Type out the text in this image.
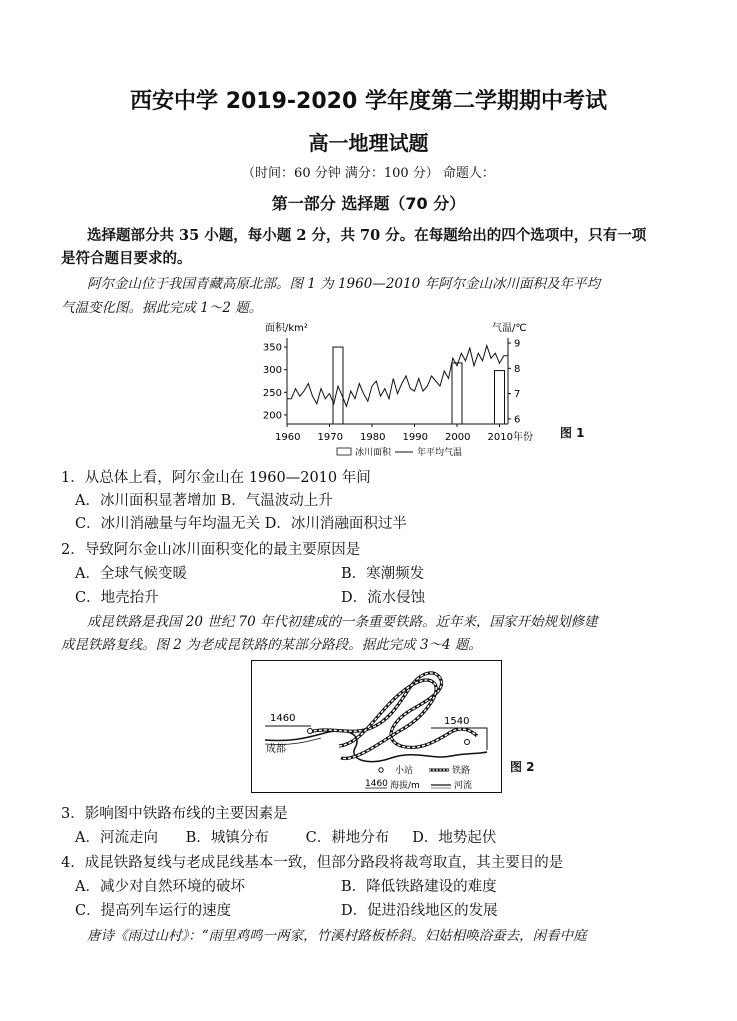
西安中学 2019-2020 学年度第二学期期中考试
高一地理试题
（时间：60 分钟 满分：100 分） 命题人：
第一部分 选择题（70 分）
选择题部分共 35 小题，每小题 2 分，共 70 分。在每题给出的四个选项中，只有一项
是符合题目要求的。
阿尔金山位于我国青藏高原北部。图 1 为 1960—2010 年阿尔金山冰川面积及年平均
气温变化图。据此完成 1～2 题。
面积/km²	气温/℃
350
300
250
200
9
8
7
6
1960 1970 1980 1990 2000 2010年份
冰川面积	年平均气温
图 1
1．从总体上看，阿尔金山在 1960—2010 年间
A．冰川面积显著增加 B．气温波动上升
C．冰川消融量与年均温无关 D．冰川消融面积过半
2．导致阿尔金山冰川面积变化的最主要原因是
A．全球气候变暖	B．寒潮频发
C．地壳抬升	D．流水侵蚀
成昆铁路是我国 20 世纪 70 年代初建成的一条重要铁路。近年来，国家开始规划修建
成昆铁路复线。图 2 为老成昆铁路的某部分路段。据此完成 3～4 题。
1460	1540
成都
小站	铁路
1460 海拔/m	河流
图 2
3．影响图中铁路布线的主要因素是
A．河流走向      B．城镇分布        C．耕地分布     D．地势起伏
4．成昆铁路复线与老成昆线基本一致，但部分路段将裁弯取直，其主要目的是
A．减少对自然环境的破坏	B．降低铁路建设的难度
C．提高列车运行的速度	D．促进沿线地区的发展
唐诗《雨过山村》：“雨里鸡鸣一两家，竹溪村路板桥斜。妇姑相唤浴蚕去，闲看中庭
